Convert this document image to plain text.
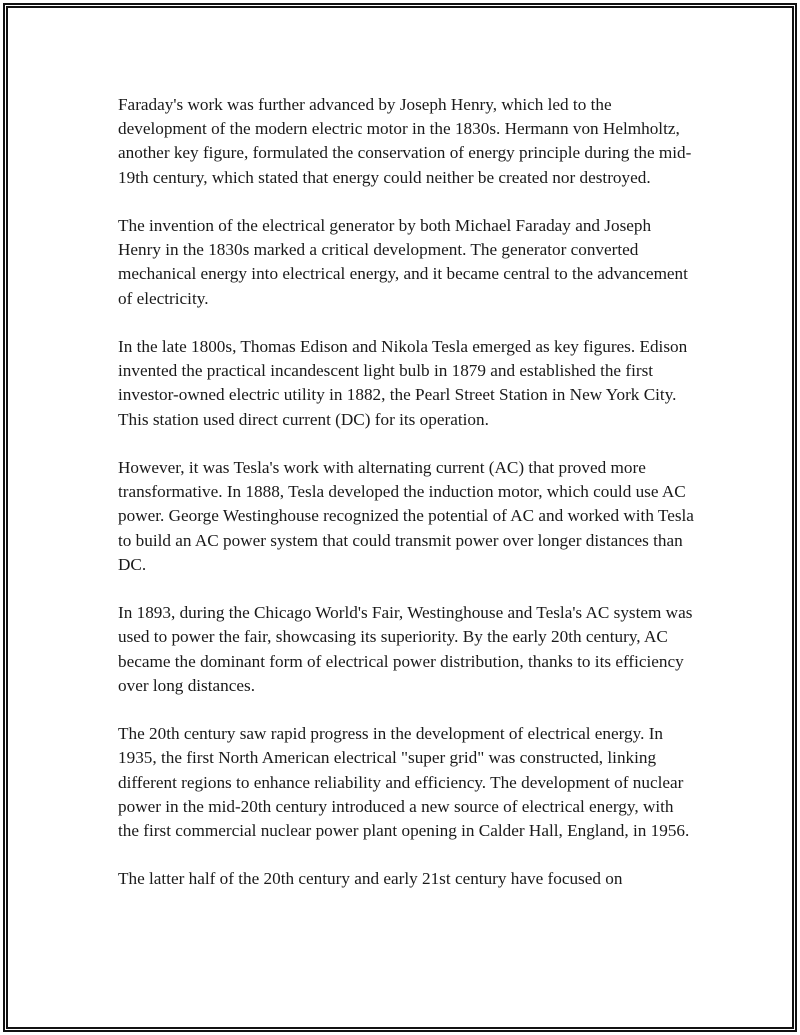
Faraday's work was further advanced by Joseph Henry, which led to the development of the modern electric motor in the 1830s. Hermann von Helmholtz, another key figure, formulated the conservation of energy principle during the mid-19th century, which stated that energy could neither be created nor destroyed.

The invention of the electrical generator by both Michael Faraday and Joseph Henry in the 1830s marked a critical development. The generator converted mechanical energy into electrical energy, and it became central to the advancement of electricity.

In the late 1800s, Thomas Edison and Nikola Tesla emerged as key figures. Edison invented the practical incandescent light bulb in 1879 and established the first investor-owned electric utility in 1882, the Pearl Street Station in New York City. This station used direct current (DC) for its operation.

However, it was Tesla's work with alternating current (AC) that proved more transformative. In 1888, Tesla developed the induction motor, which could use AC power. George Westinghouse recognized the potential of AC and worked with Tesla to build an AC power system that could transmit power over longer distances than DC.

In 1893, during the Chicago World's Fair, Westinghouse and Tesla's AC system was used to power the fair, showcasing its superiority. By the early 20th century, AC became the dominant form of electrical power distribution, thanks to its efficiency over long distances.

The 20th century saw rapid progress in the development of electrical energy. In 1935, the first North American electrical "super grid" was constructed, linking different regions to enhance reliability and efficiency. The development of nuclear power in the mid-20th century introduced a new source of electrical energy, with the first commercial nuclear power plant opening in Calder Hall, England, in 1956.

The latter half of the 20th century and early 21st century have focused on
